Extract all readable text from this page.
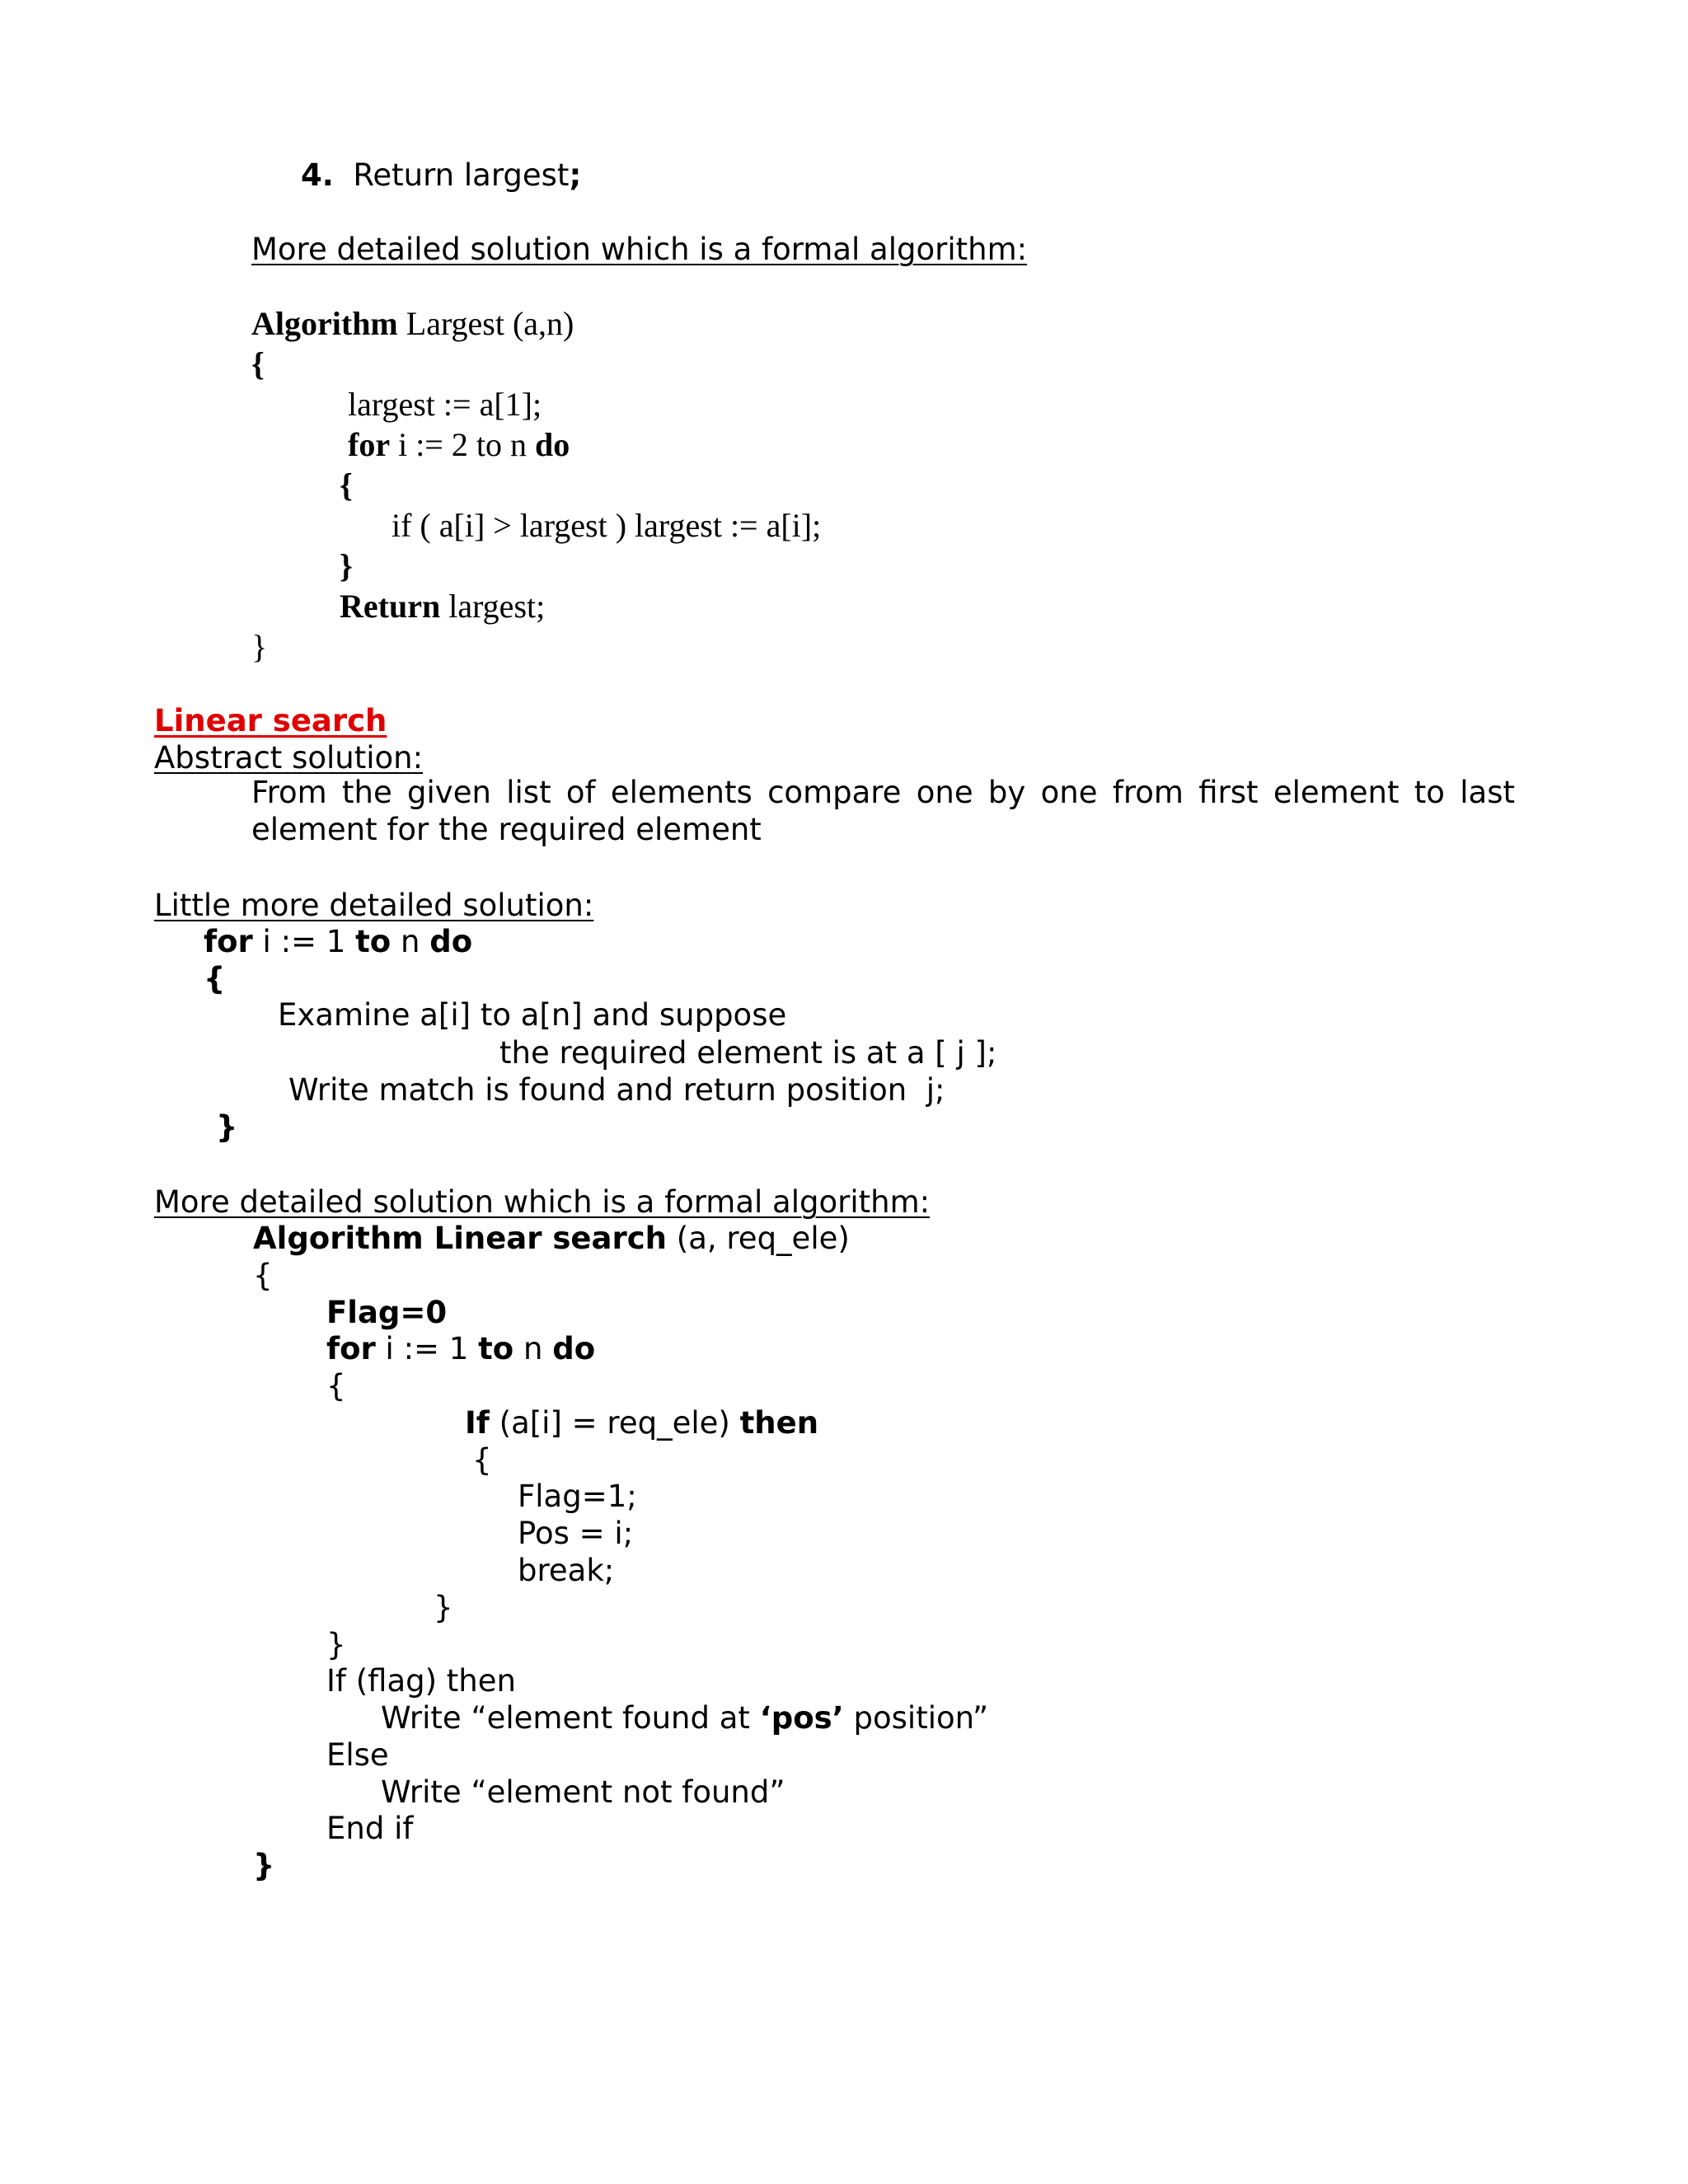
4. Return largest;
More detailed solution which is a formal algorithm:
Algorithm Largest (a,n)
{
largest := a[1];
for i := 2 to n do
{
if ( a[i] > largest ) largest := a[i];
}
Return largest;
}
Linear search
Abstract solution:
From the given list of elements compare one by one from first element to last element for the required element
Little more detailed solution:
for i := 1 to n do
{
Examine a[i] to a[n] and suppose
the required element is at a [ j ];
Write match is found and return position  j;
}
More detailed solution which is a formal algorithm:
Algorithm Linear search (a, req_ele)
{
Flag=0
for i := 1 to n do
{
If (a[i] = req_ele) then
{
Flag=1;
Pos = i;
break;
}
}
If (flag) then
Write “element found at ‘pos’ position”
Else
Write “element not found”
End if
}
